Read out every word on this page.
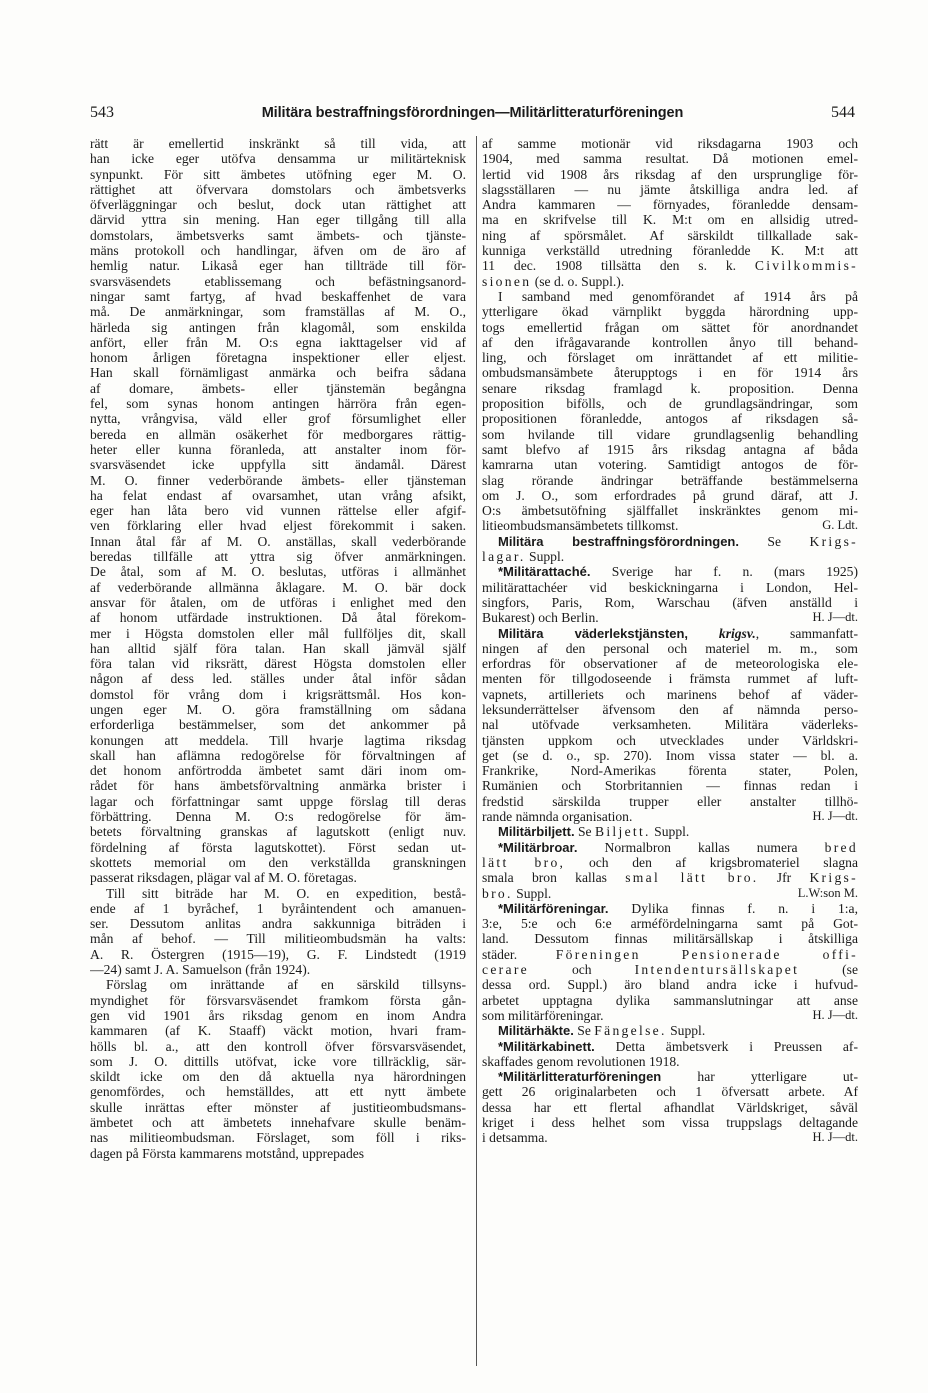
543	Militära bestraffningsförordningen—Militärlitteraturföreningen	544
rätt är emellertid inskränkt så till vida, att
han icke eger utöfva densamma ur militärteknisk
synpunkt. För sitt ämbetes utöfning eger M. O.
rättighet att öfvervara domstolars och ämbetsverks
öfverläggningar och beslut, dock utan rättighet att
därvid yttra sin mening. Han eger tillgång till alla
domstolars, ämbetsverks samt ämbets- och tjänste-
mäns protokoll och handlingar, äfven om de äro af
hemlig natur. Likaså eger han tillträde till för-
svarsväsendets etablissemang och befästningsanord-
ningar samt fartyg, af hvad beskaffenhet de vara
må. De anmärkningar, som framställas af M. O.,
härleda sig antingen från klagomål, som enskilda
anfört, eller från M. O:s egna iakttagelser vid af
honom årligen företagna inspektioner eller eljest.
Han skall förnämligast anmärka och beifra sådana
af domare, ämbets- eller tjänstemän begångna
fel, som synas honom antingen härröra från egen-
nytta, vrångvisa, väld eller grof försumlighet eller
bereda en allmän osäkerhet för medborgares rättig-
heter eller kunna föranleda, att anstalter inom för-
svarsväsendet icke uppfylla sitt ändamål. Därest
M. O. finner vederbörande ämbets- eller tjänsteman
ha felat endast af ovarsamhet, utan vrång afsikt,
eger han låta bero vid vunnen rättelse eller afgif-
ven förklaring eller hvad eljest förekommit i saken.
Innan åtal får af M. O. anställas, skall vederbörande
beredas tillfälle att yttra sig öfver anmärkningen.
De åtal, som af M. O. beslutas, utföras i allmänhet
af vederbörande allmänna åklagare. M. O. bär dock
ansvar för åtalen, om de utföras i enlighet med den
af honom utfärdade instruktionen. Då åtal förekom-
mer i Högsta domstolen eller mål fullföljes dit, skall
han alltid själf föra talan. Han skall jämväl själf
föra talan vid riksrätt, därest Högsta domstolen eller
någon af dess led. ställes under åtal inför sådan
domstol för vrång dom i krigsrättsmål. Hos kon-
ungen eger M. O. göra framställning om sådana
erforderliga bestämmelser, som det ankommer på
konungen att meddela. Till hvarje lagtima riksdag
skall han aflämna redogörelse för förvaltningen af
det honom anförtrodda ämbetet samt däri inom om-
rådet för hans ämbetsförvaltning anmärka brister i
lagar och författningar samt uppge förslag till deras
förbättring. Denna M. O:s redogörelse för äm-
betets förvaltning granskas af lagutskott (enligt nuv.
fördelning af första lagutskottet). Först sedan ut-
skottets memorial om den verkställda granskningen
passerat riksdagen, plägar val af M. O. företagas.
Till sitt biträde har M. O. en expedition, bestå-
ende af 1 byråchef, 1 byråintendent och amanuen-
ser. Dessutom anlitas andra sakkunniga biträden i
mån af behof. — Till militieombudsmän ha valts:
A. R. Östergren (1915—19), G. F. Lindstedt (1919
—24) samt J. A. Samuelson (från 1924).
Förslag om inrättande af en särskild tillsyns-
myndighet för försvarsväsendet framkom första gån-
gen vid 1901 års riksdag genom en inom Andra
kammaren (af K. Staaff) väckt motion, hvari fram-
hölls bl. a., att den kontroll öfver försvarsväsendet,
som J. O. dittills utöfvat, icke vore tillräcklig, sär-
skildt icke om den då aktuella nya härordningen
genomfördes, och hemställdes, att ett nytt ämbete
skulle inrättas efter mönster af justitieombudsmans-
ämbetet och att ämbetets innehafvare skulle benäm-
nas militieombudsman. Förslaget, som föll i riks-
dagen på Första kammarens motstånd, upprepades
af samme motionär vid riksdagarna 1903 och
1904, med samma resultat. Då motionen emel-
lertid vid 1908 års riksdag af den ursprunglige för-
slagsställaren — nu jämte åtskilliga andra led. af
Andra kammaren — förnyades, föranledde densam-
ma en skrifvelse till K. M:t om en allsidig utred-
ning af spörsmålet. Af särskildt tillkallade sak-
kunniga verkställd utredning föranledde K. M:t att
11 dec. 1908 tillsätta den s. k. Civilkommis-
sionen (se d. o. Suppl.).
I samband med genomförandet af 1914 års på
ytterligare ökad värnplikt byggda härordning upp-
togs emellertid frågan om sättet för anordnandet
af den ifrågavarande kontrollen ånyo till behand-
ling, och förslaget om inrättandet af ett militie-
ombudsmansämbete återupptogs i en för 1914 års
senare riksdag framlagd k. proposition. Denna
proposition bifölls, och de grundlagsändringar, som
propositionen föranledde, antogos af riksdagen så-
som hvilande till vidare grundlagsenlig behandling
samt blefvo af 1915 års riksdag antagna af båda
kamrarna utan votering. Samtidigt antogos de för-
slag rörande ändringar beträffande bestämmelserna
om J. O., som erfordrades på grund däraf, att J.
O:s ämbetsutöfning själffallet inskränktes genom mi-
litieombudsmansämbetets tillkomst.	G. Ldt.
Militära bestraffningsförordningen. Se Krigs-
lagar. Suppl.
*Militärattaché. Sverige har f. n. (mars 1925)
militärattachéer vid beskickningarna i London, Hel-
singfors, Paris, Rom, Warschau (äfven anställd i
Bukarest) och Berlin.	H. J—dt.
Militära väderlekstjänsten, krigsv., sammanfatt-
ningen af den personal och materiel m. m., som
erfordras för observationer af de meteorologiska ele-
menten för tillgodoseende i främsta rummet af luft-
vapnets, artilleriets och marinens behof af väder-
leksunderrättelser äfvensom den af nämnda perso-
nal utöfvade verksamheten. Militära väderleks-
tjänsten uppkom och utvecklades under Världskri-
get (se d. o., sp. 270). Inom vissa stater — bl. a.
Frankrike, Nord-Amerikas förenta stater, Polen,
Rumänien och Storbritannien — finnas redan i
fredstid särskilda trupper eller anstalter tillhö-
rande nämnda organisation.	H. J—dt.
Militärbiljett. Se Biljett. Suppl.
*Militärbroar. Normalbron kallas numera bred
lätt bro, och den af krigsbromateriel slagna
smala bron kallas smal lätt bro. Jfr Krigs-
bro. Suppl.	L.W:son M.
*Militärföreningar. Dylika finnas f. n. i 1:a,
3:e, 5:e och 6:e arméfördelningarna samt på Got-
land. Dessutom finnas militärsällskap i åtskilliga
städer.	Föreningen Pensionerade offi-
cerare	och	Intendentursällskapet	(se
dessa ord. Suppl.) äro bland andra icke i hufvud-
arbetet upptagna dylika sammanslutningar att anse
som militärföreningar.	H. J—dt.
Militärhäkte. Se Fängelse. Suppl.
*Militärkabinett. Detta ämbetsverk i Preussen af-
skaffades genom revolutionen 1918.
*Militärlitteraturföreningen	har ytterligare ut-
gett 26 originalarbeten och 1 öfversatt arbete. Af
dessa har ett flertal afhandlat Världskriget, såväl
kriget i dess helhet som vissa truppslags deltagande
i detsamma.	H. J—dt.
